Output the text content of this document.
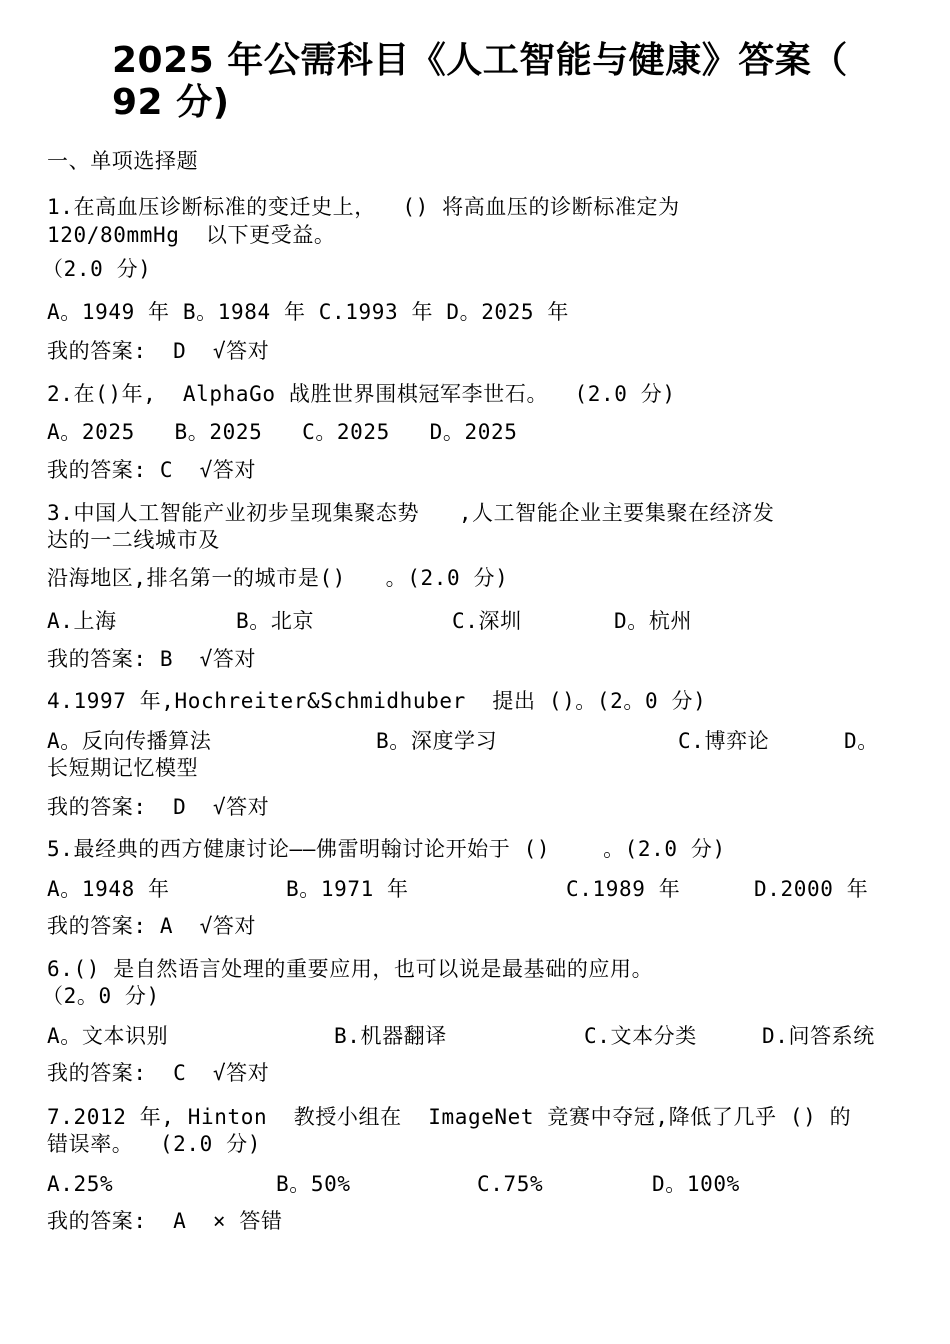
2025 年公需科目《人工智能与健康》答案（ 92 分)
一、单项选择题
1.在高血压诊断标准的变迁史上，  () 将高血压的诊断标准定为
120/80mmHg  以下更受益。
（2.0 分)
A。1949 年 B。1984 年 C.1993 年 D。2025 年
我的答案:  D  √答对
2.在()年,  AlphaGo 战胜世界围棋冠军李世石。  (2.0 分)
A。2025   B。2025   C。2025   D。2025
我的答案: C  √答对
3.中国人工智能产业初步呈现集聚态势   ,人工智能企业主要集聚在经济发
达的一二线城市及
沿海地区,排名第一的城市是()   。(2.0 分)
A.上海	B。北京	C.深圳	D。杭州
我的答案: B  √答对
4.1997 年,Hochreiter&Schmidhuber  提出 ()。(2。0 分)
A。反向传播算法	B。深度学习	C.博弈论	D。
长短期记忆模型
我的答案:  D  √答对
5.最经典的西方健康讨论——佛雷明翰讨论开始于 ()    。(2.0 分)
A。1948 年	B。1971 年	C.1989 年	D.2000 年
我的答案: A  √答对
6.() 是自然语言处理的重要应用，也可以说是最基础的应用。
（2。0 分)
A。文本识别	B.机器翻译	C.文本分类	D.问答系统
我的答案:  C  √答对
7.2012 年, Hinton  教授小组在  ImageNet 竞赛中夺冠,降低了几乎 () 的
错误率。  (2.0 分)
A.25%	B。50%	C.75%	D。100%
我的答案:  A  × 答错
